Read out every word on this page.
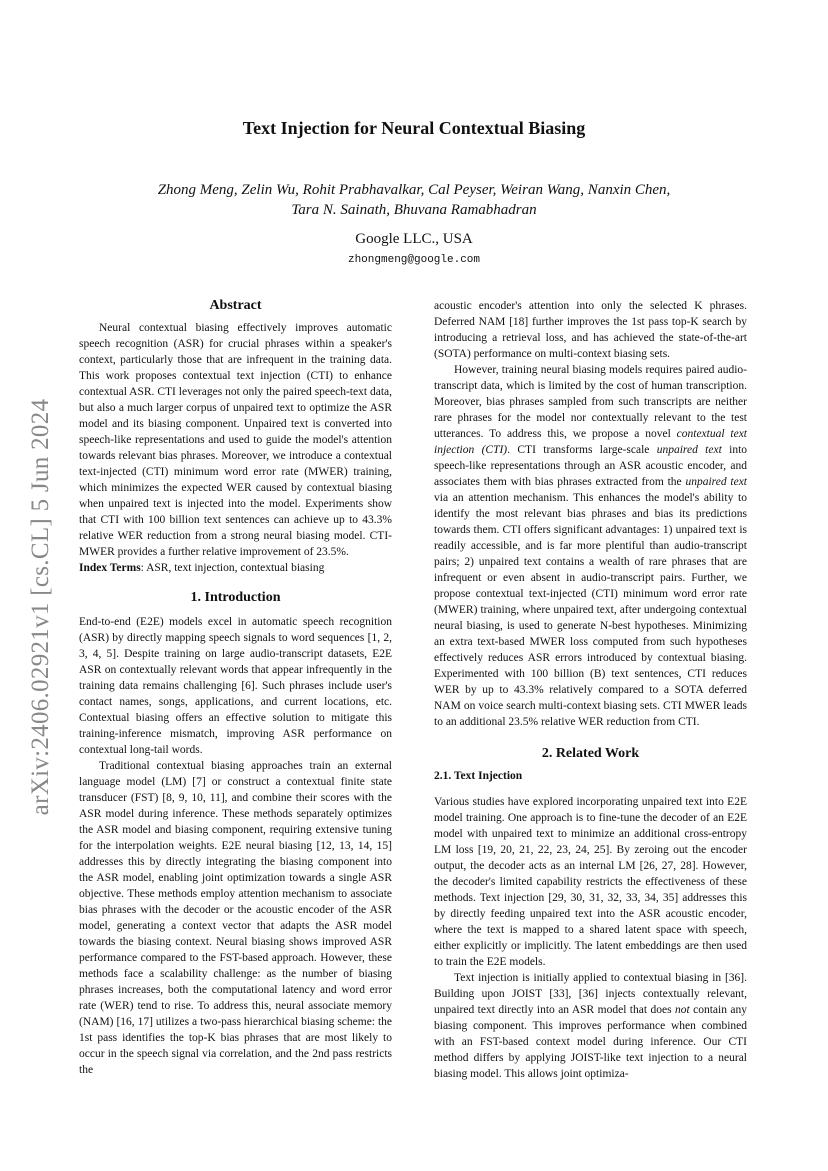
arXiv:2406.02921v1 [cs.CL] 5 Jun 2024
Text Injection for Neural Contextual Biasing
Zhong Meng, Zelin Wu, Rohit Prabhavalkar, Cal Peyser, Weiran Wang, Nanxin Chen,
Tara N. Sainath, Bhuvana Ramabhadran
Google LLC., USA
zhongmeng@google.com
Abstract

Neural contextual biasing effectively improves automatic speech recognition (ASR) for crucial phrases within a speaker's context, particularly those that are infrequent in the training data. This work proposes contextual text injection (CTI) to enhance contextual ASR. CTI leverages not only the paired speech-text data, but also a much larger corpus of unpaired text to optimize the ASR model and its biasing component. Unpaired text is converted into speech-like representations and used to guide the model's attention towards relevant bias phrases. Moreover, we introduce a contextual text-injected (CTI) minimum word error rate (MWER) training, which minimizes the expected WER caused by contextual biasing when unpaired text is injected into the model. Experiments show that CTI with 100 billion text sentences can achieve up to 43.3% relative WER reduction from a strong neural biasing model. CTI-MWER provides a further relative improvement of 23.5%.

Index Terms: ASR, text injection, contextual biasing

1. Introduction

End-to-end (E2E) models excel in automatic speech recognition (ASR) by directly mapping speech signals to word sequences [1, 2, 3, 4, 5]. Despite training on large audio-transcript datasets, E2E ASR on contextually relevant words that appear infrequently in the training data remains challenging [6]. Such phrases include user's contact names, songs, applications, and current locations, etc. Contextual biasing offers an effective solution to mitigate this training-inference mismatch, improving ASR performance on contextual long-tail words.

Traditional contextual biasing approaches train an external language model (LM) [7] or construct a contextual finite state transducer (FST) [8, 9, 10, 11], and combine their scores with the ASR model during inference. These methods separately optimizes the ASR model and biasing component, requiring extensive tuning for the interpolation weights. E2E neural biasing [12, 13, 14, 15] addresses this by directly integrating the biasing component into the ASR model, enabling joint optimization towards a single ASR objective. These methods employ attention mechanism to associate bias phrases with the decoder or the acoustic encoder of the ASR model, generating a context vector that adapts the ASR model towards the biasing context. Neural biasing shows improved ASR performance compared to the FST-based approach. However, these methods face a scalability challenge: as the number of biasing phrases increases, both the computational latency and word error rate (WER) tend to rise. To address this, neural associate memory (NAM) [16, 17] utilizes a two-pass hierarchical biasing scheme: the 1st pass identifies the top-K bias phrases that are most likely to occur in the speech signal via correlation, and the 2nd pass restricts the

acoustic encoder's attention into only the selected K phrases. Deferred NAM [18] further improves the 1st pass top-K search by introducing a retrieval loss, and has achieved the state-of-the-art (SOTA) performance on multi-context biasing sets.

However, training neural biasing models requires paired audio-transcript data, which is limited by the cost of human transcription. Moreover, bias phrases sampled from such transcripts are neither rare phrases for the model nor contextually relevant to the test utterances. To address this, we propose a novel contextual text injection (CTI). CTI transforms large-scale unpaired text into speech-like representations through an ASR acoustic encoder, and associates them with bias phrases extracted from the unpaired text via an attention mechanism. This enhances the model's ability to identify the most relevant bias phrases and bias its predictions towards them. CTI offers significant advantages: 1) unpaired text is readily accessible, and is far more plentiful than audio-transcript pairs; 2) unpaired text contains a wealth of rare phrases that are infrequent or even absent in audio-transcript pairs. Further, we propose contextual text-injected (CTI) minimum word error rate (MWER) training, where unpaired text, after undergoing contextual neural biasing, is used to generate N-best hypotheses. Minimizing an extra text-based MWER loss computed from such hypotheses effectively reduces ASR errors introduced by contextual biasing. Experimented with 100 billion (B) text sentences, CTI reduces WER by up to 43.3% relatively compared to a SOTA deferred NAM on voice search multi-context biasing sets. CTI MWER leads to an additional 23.5% relative WER reduction from CTI.

2. Related Work
2.1. Text Injection

Various studies have explored incorporating unpaired text into E2E model training. One approach is to fine-tune the decoder of an E2E model with unpaired text to minimize an additional cross-entropy LM loss [19, 20, 21, 22, 23, 24, 25]. By zeroing out the encoder output, the decoder acts as an internal LM [26, 27, 28]. However, the decoder's limited capability restricts the effectiveness of these methods. Text injection [29, 30, 31, 32, 33, 34, 35] addresses this by directly feeding unpaired text into the ASR acoustic encoder, where the text is mapped to a shared latent space with speech, either explicitly or implicitly. The latent embeddings are then used to train the E2E models.

Text injection is initially applied to contextual biasing in [36]. Building upon JOIST [33], [36] injects contextually relevant, unpaired text directly into an ASR model that does not contain any biasing component. This improves performance when combined with an FST-based context model during inference. Our CTI method differs by applying JOIST-like text injection to a neural biasing model. This allows joint optimiza-
